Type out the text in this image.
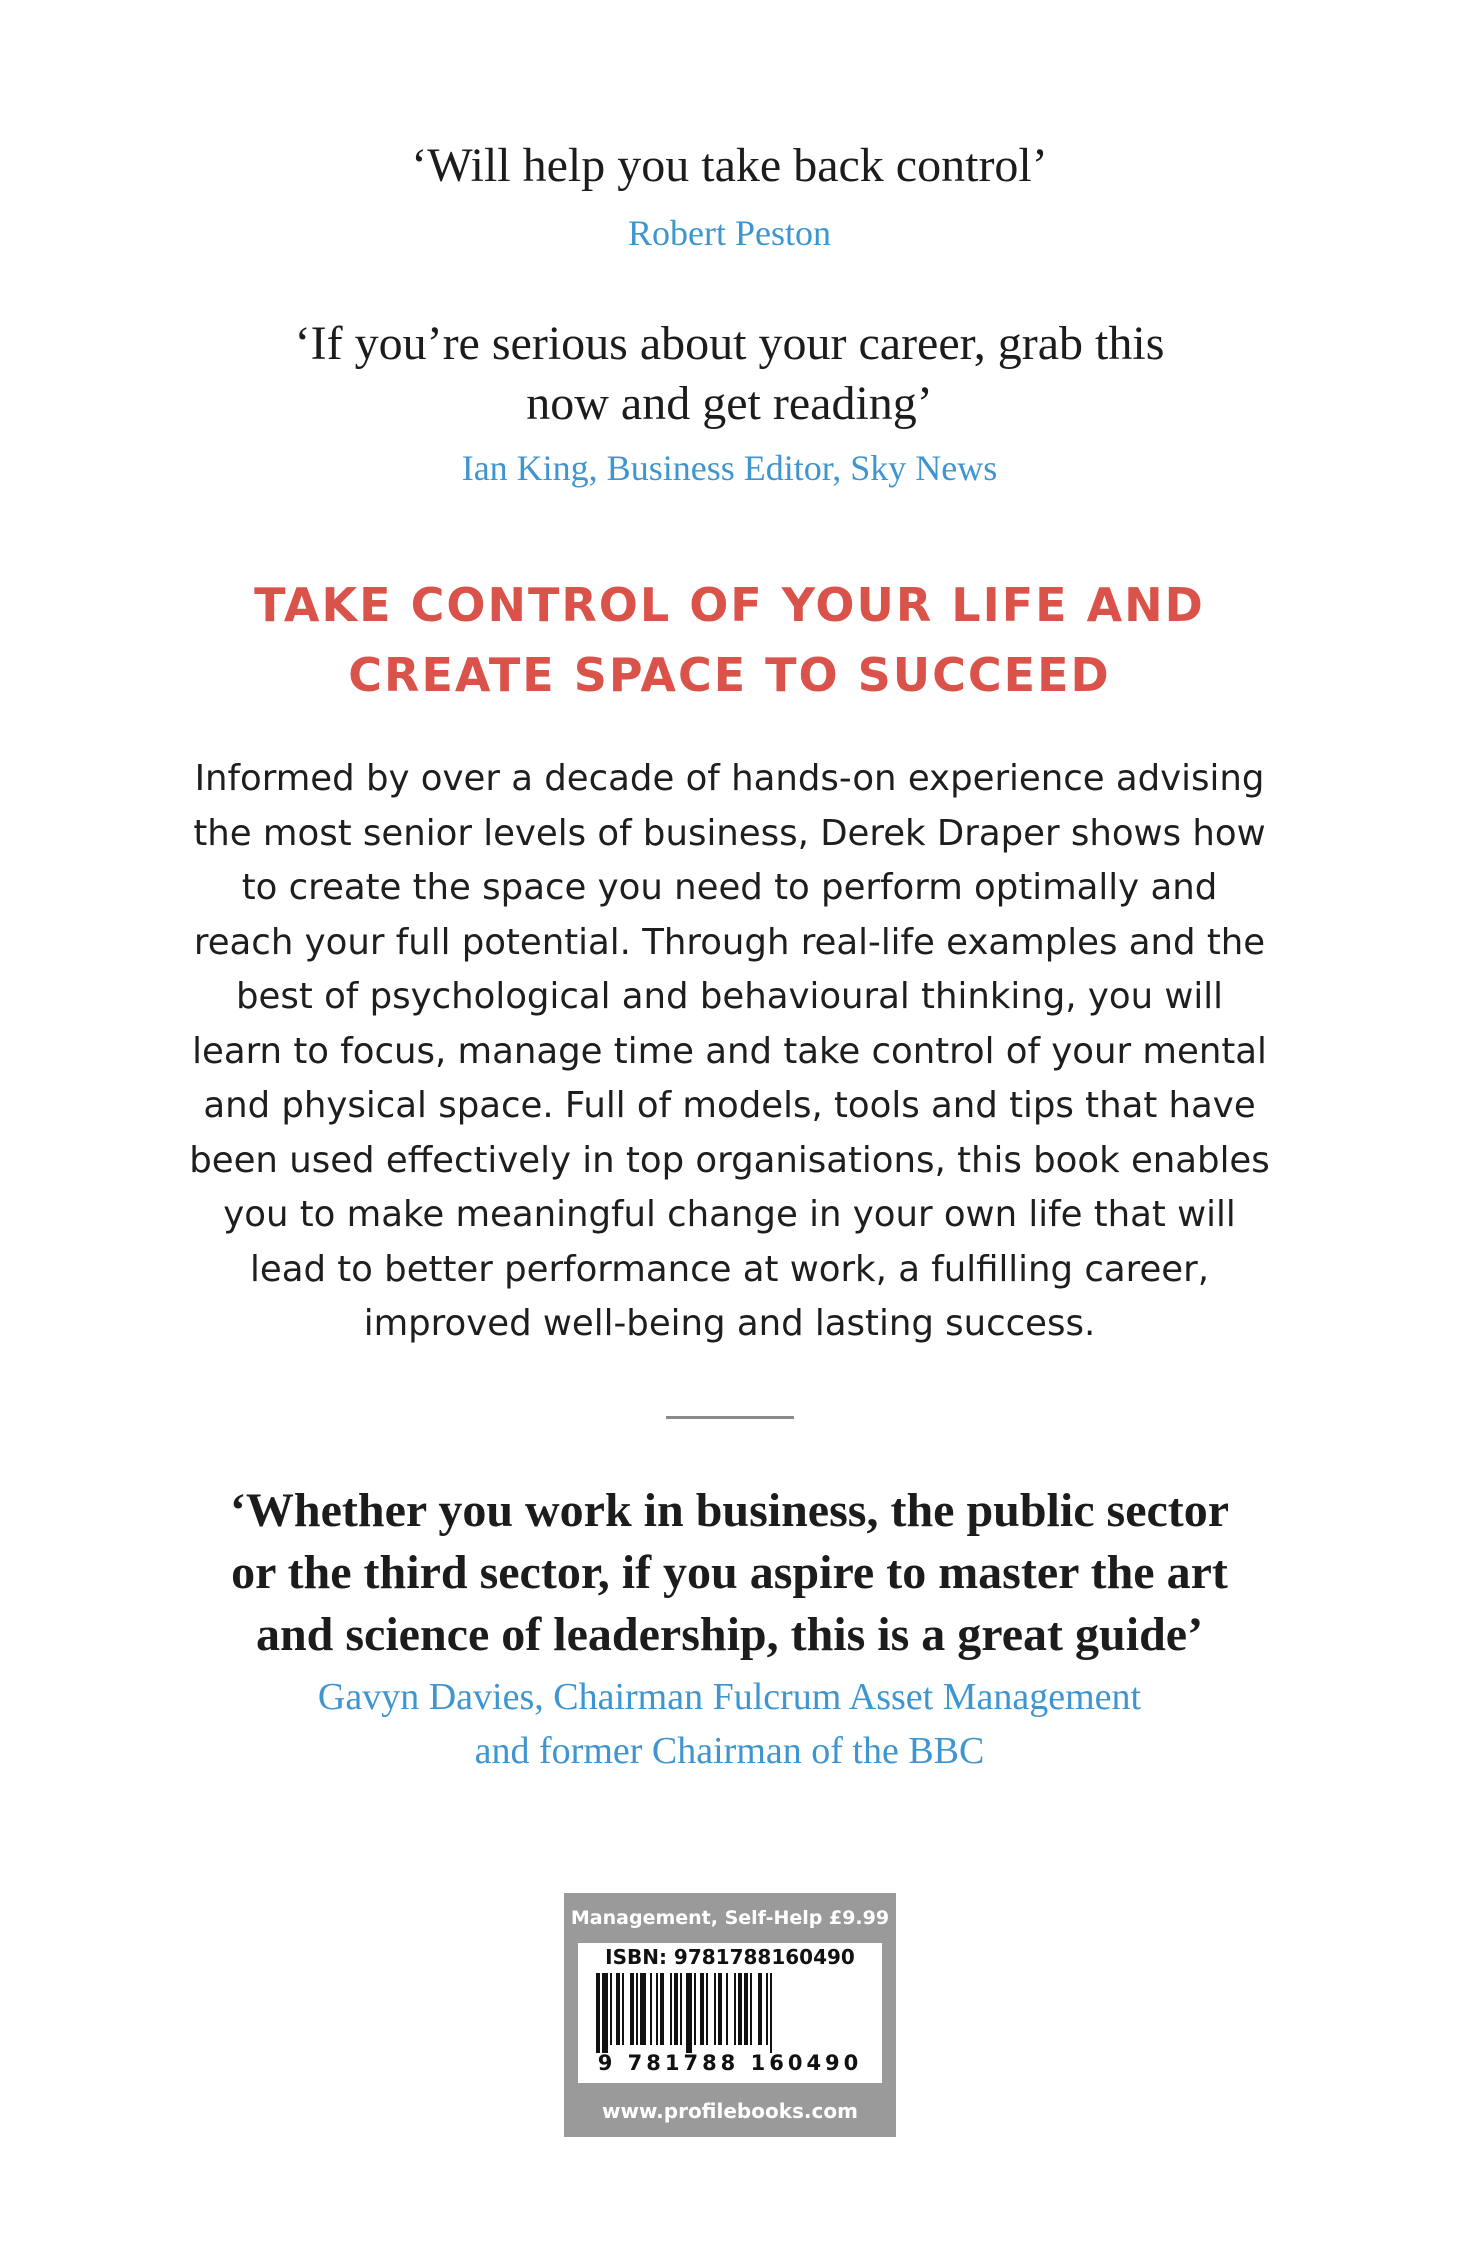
‘Will help you take back control’
Robert Peston
‘If you’re serious about your career, grab this
now and get reading’
Ian King, Business Editor, Sky News
TAKE CONTROL OF YOUR LIFE AND
CREATE SPACE TO SUCCEED
Informed by over a decade of hands-on experience advising
the most senior levels of business, Derek Draper shows how
to create the space you need to perform optimally and
reach your full potential. Through real-life examples and the
best of psychological and behavioural thinking, you will
learn to focus, manage time and take control of your mental
and physical space. Full of models, tools and tips that have
been used effectively in top organisations, this book enables
you to make meaningful change in your own life that will
lead to better performance at work, a fulfilling career,
improved well-being and lasting success.
‘Whether you work in business, the public sector
or the third sector, if you aspire to master the art
and science of leadership, this is a great guide’
Gavyn Davies, Chairman Fulcrum Asset Management
and former Chairman of the BBC
Management, Self-Help £9.99
ISBN: 9781788160490
9 781788 160490
www.profilebooks.com
